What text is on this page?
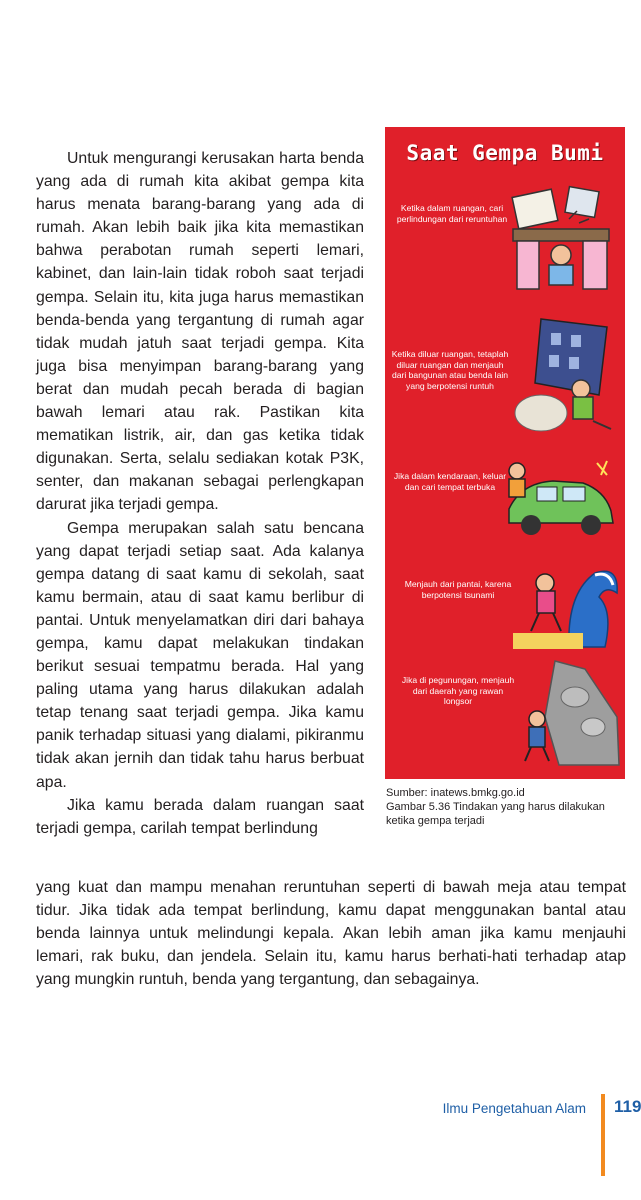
Untuk mengurangi kerusakan harta benda yang ada di rumah kita akibat gempa kita harus menata barang-barang yang ada di rumah. Akan lebih baik jika kita memastikan bahwa perabotan rumah seperti lemari, kabinet, dan lain-lain tidak roboh saat terjadi gempa. Selain itu, kita juga harus memastikan benda-benda yang tergantung di rumah agar tidak mudah jatuh saat terjadi gempa. Kita juga bisa menyimpan barang-barang yang berat dan mudah pecah berada di bagian bawah lemari atau rak. Pastikan kita mematikan listrik, air, dan gas ketika tidak digunakan. Serta, selalu sediakan kotak P3K, senter, dan makanan sebagai perlengkapan darurat jika terjadi gempa.

Gempa merupakan salah satu bencana yang dapat terjadi setiap saat. Ada kalanya gempa datang di saat kamu di sekolah, saat kamu bermain, atau di saat kamu berlibur di pantai. Untuk menyelamatkan diri dari bahaya gempa, kamu dapat melakukan tindakan berikut sesuai tempatmu berada. Hal yang paling utama yang harus dilakukan adalah tetap tenang saat terjadi gempa. Jika kamu panik terhadap situasi yang dialami, pikiranmu tidak akan jernih dan tidak tahu harus berbuat apa.

Jika kamu berada dalam ruangan saat terjadi gempa, carilah tempat berlindung

yang kuat dan mampu menahan reruntuhan seperti di bawah meja atau tempat tidur. Jika tidak ada tempat berlindung, kamu dapat menggunakan bantal atau benda lainnya untuk melindungi kepala. Akan lebih aman jika kamu menjauhi lemari, rak buku, dan jendela. Selain itu, kamu harus berhati-hati terhadap atap yang mungkin runtuh, benda yang tergantung, dan sebagainya.

Saat Gempa Bumi
Ketika dalam ruangan, cari perlindungan dari reruntuhan
Ketika diluar ruangan, tetaplah diluar ruangan dan menjauh dari bangunan atau benda lain yang berpotensi runtuh
Jika dalam kendaraan, keluar dan cari tempat terbuka
Menjauh dari pantai, karena berpotensi tsunami
Jika di pegunungan, menjauh dari daerah yang rawan longsor
Sumber: inatews.bmkg.go.id
Gambar 5.36 Tindakan yang harus dilakukan ketika gempa terjadi
Ilmu Pengetahuan Alam 119
